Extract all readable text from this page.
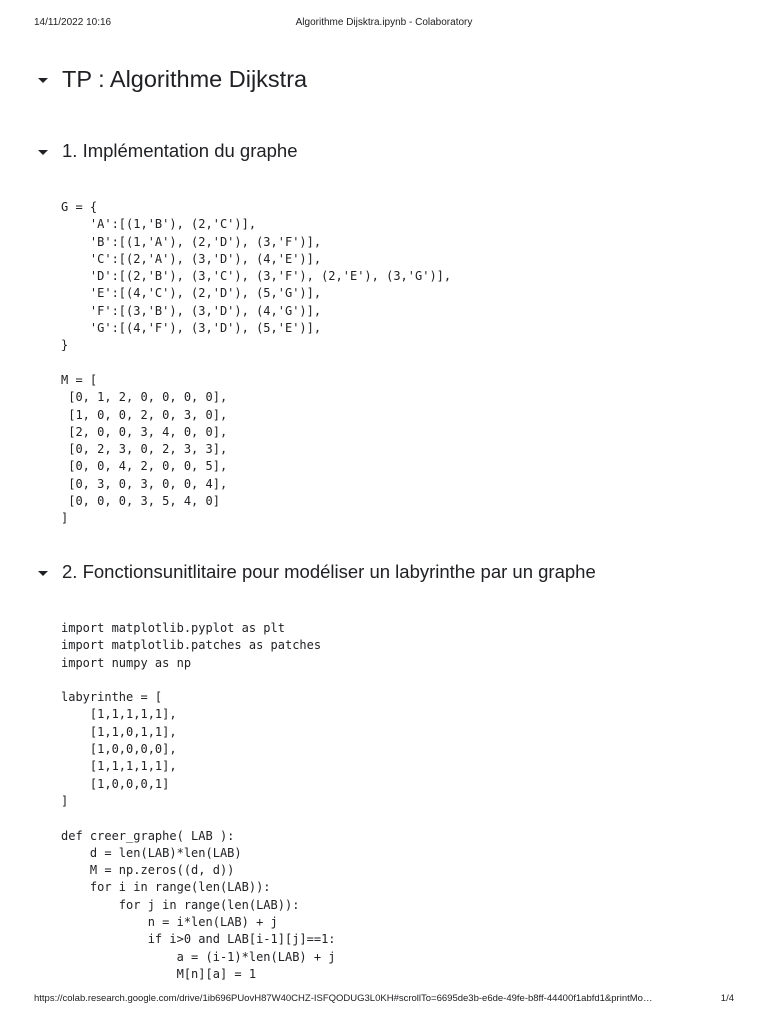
14/11/2022 10:16	Algorithme Dijsktra.ipynb - Colaboratory
TP : Algorithme Dijkstra
1. Implémentation du graphe
G = {
'A':[(1,'B'), (2,'C')],
'B':[(1,'A'), (2,'D'), (3,'F')],
'C':[(2,'A'), (3,'D'), (4,'E')],
'D':[(2,'B'), (3,'C'), (3,'F'), (2,'E'), (3,'G')],
'E':[(4,'C'), (2,'D'), (5,'G')],
'F':[(3,'B'), (3,'D'), (4,'G')],
'G':[(4,'F'), (3,'D'), (5,'E')],
}

M = [
[0, 1, 2, 0, 0, 0, 0],
[1, 0, 0, 2, 0, 3, 0],
[2, 0, 0, 3, 4, 0, 0],
[0, 2, 3, 0, 2, 3, 3],
[0, 0, 4, 2, 0, 0, 5],
[0, 3, 0, 3, 0, 0, 4],
[0, 0, 0, 3, 5, 4, 0]
]
2. Fonctionsunitlitaire pour modéliser un labyrinthe par un graphe
import matplotlib.pyplot as plt
import matplotlib.patches as patches
import numpy as np

labyrinthe = [
[1,1,1,1,1],
[1,1,0,1,1],
[1,0,0,0,0],
[1,1,1,1,1],
[1,0,0,0,1]
]

def creer_graphe( LAB ):
d = len(LAB)*len(LAB)
M = np.zeros((d, d))
for i in range(len(LAB)):
for j in range(len(LAB)):
n = i*len(LAB) + j
if i>0 and LAB[i-1][j]==1:
a = (i-1)*len(LAB) + j
M[n][a] = 1
https://colab.research.google.com/drive/1ib696PUovH87W40CHZ-ISFQODUG3L0KH#scrollTo=6695de3b-e6de-49fe-b8ff-44400f1abfd1&printMo…	1/4
